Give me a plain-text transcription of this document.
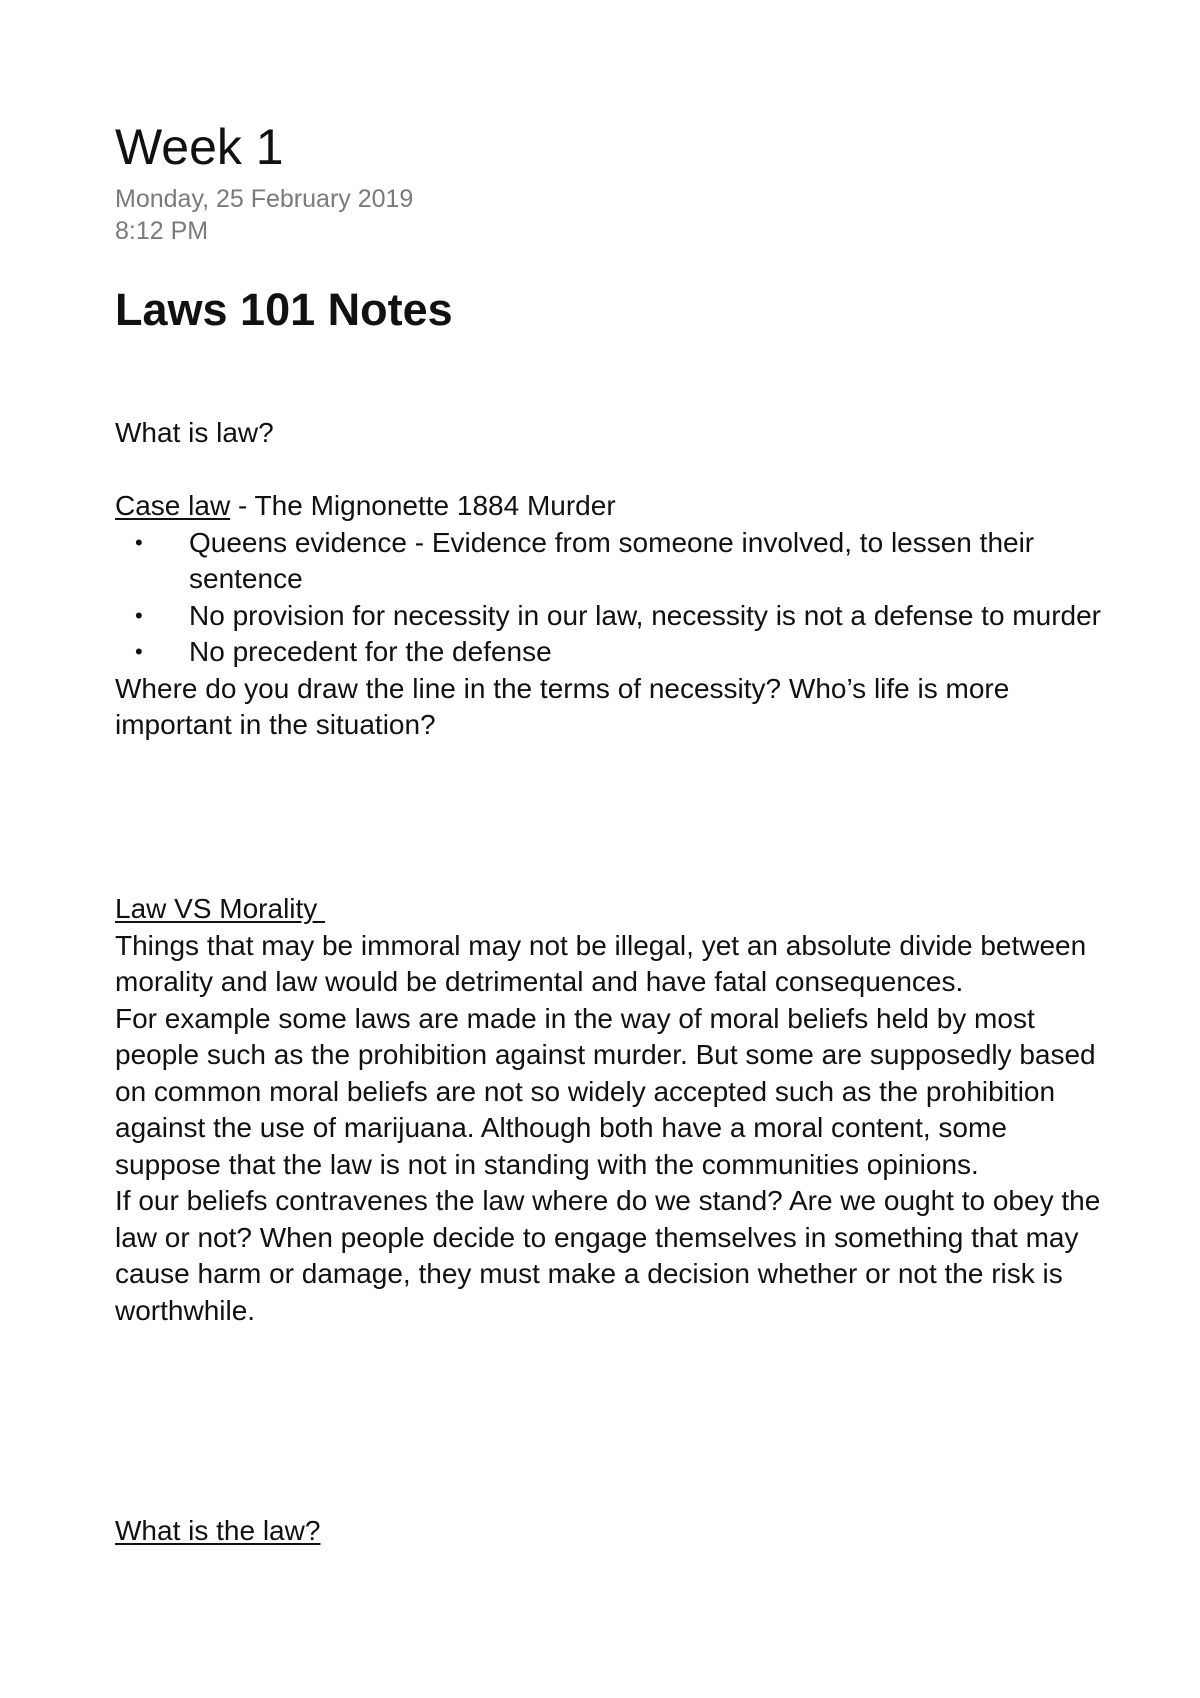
Week 1
Monday, 25 February 2019
8:12 PM
Laws 101 Notes
What is law?
Case law - The Mignonette 1884 Murder
• Queens evidence - Evidence from someone involved, to lessen their sentence
• No provision for necessity in our law, necessity is not a defense to murder
• No precedent for the defense
Where do you draw the line in the terms of necessity? Who’s life is more important in the situation?
Law VS Morality

Things that may be immoral may not be illegal, yet an absolute divide between morality and law would be detrimental and have fatal consequences.

For example some laws are made in the way of moral beliefs held by most people such as the prohibition against murder. But some are supposedly based on common moral beliefs are not so widely accepted such as the prohibition against the use of marijuana. Although both have a moral content, some suppose that the law is not in standing with the communities opinions.

If our beliefs contravenes the law where do we stand? Are we ought to obey the law or not? When people decide to engage themselves in something that may cause harm or damage, they must make a decision whether or not the risk is worthwhile.

What is the law?
